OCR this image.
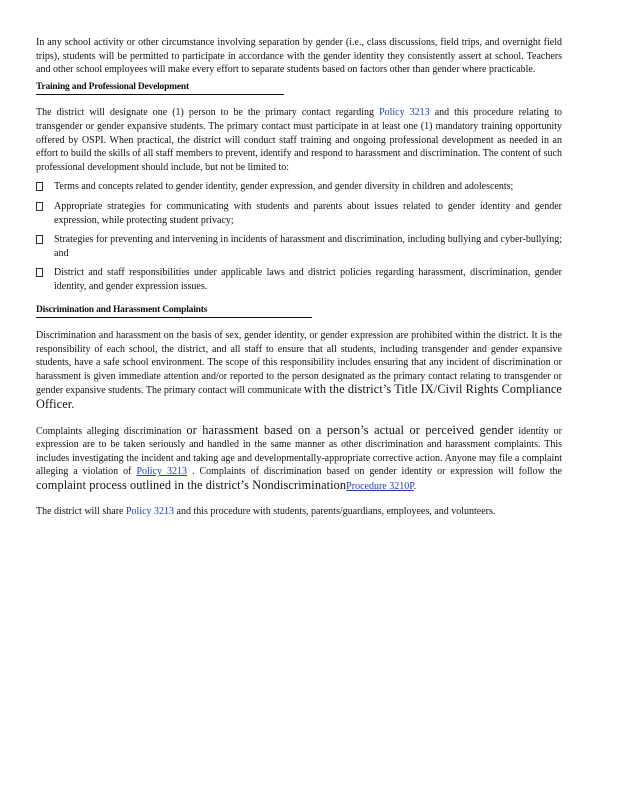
In any school activity or other circumstance involving separation by gender (i.e., class discussions, field trips, and overnight field trips), students will be permitted to participate in accordance with the gender identity they consistently assert at school. Teachers and other school employees will make every effort to separate students based on factors other than gender where practicable.

Training and Professional Development

The district will designate one (1) person to be the primary contact regarding Policy 3213 and this procedure relating to transgender or gender expansive students. The primary contact must participate in at least one (1) mandatory training opportunity offered by OSPI. When practical, the district will conduct staff training and ongoing professional development as needed in an effort to build the skills of all staff members to prevent, identify and respond to harassment and discrimination. The content of such professional development should include, but not be limited to:

Terms and concepts related to gender identity, gender expression, and gender diversity in children and adolescents;
Appropriate strategies for communicating with students and parents about issues related to gender identity and gender expression, while protecting student privacy;
Strategies for preventing and intervening in incidents of harassment and discrimination, including bullying and cyber-bullying; and
District and staff responsibilities under applicable laws and district policies regarding harassment, discrimination, gender identity, and gender expression issues.
Discrimination and Harassment Complaints

Discrimination and harassment on the basis of sex, gender identity, or gender expression are prohibited within the district. It is the responsibility of each school, the district, and all staff to ensure that all students, including transgender and gender expansive students, have a safe school environment. The scope of this responsibility includes ensuring that any incident of discrimination or harassment is given immediate attention and/or reported to the person designated as the primary contact relating to transgender or gender expansive students. The primary contact will communicate with the district’s Title IX/Civil Rights Compliance Officer.

Complaints alleging discrimination or harassment based on a person’s actual or perceived gender identity or expression are to be taken seriously and handled in the same manner as other discrimination and harassment complaints. This includes investigating the incident and taking age and developmentally-appropriate corrective action. Anyone may file a complaint alleging a violation of Policy 3213 . Complaints of discrimination based on gender identity or expression will follow the complaint process outlined in the district’s NondiscriminationProcedure 3210P.

The district will share Policy 3213 and this procedure with students, parents/guardians, employees, and volunteers.
